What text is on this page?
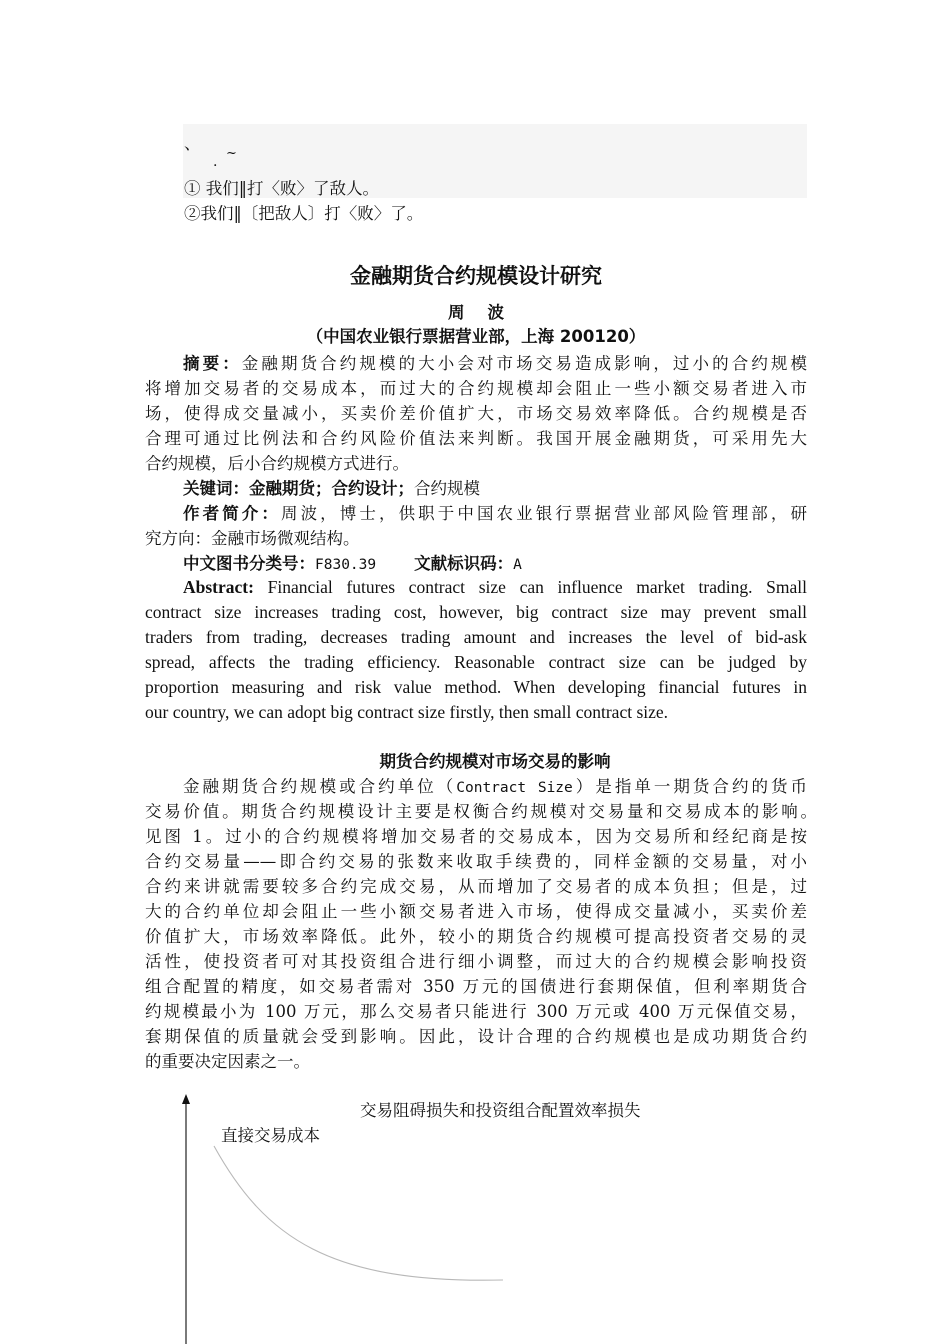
、
~
.
① 我们‖打〈败〉了敌人。
②我们‖〔把敌人〕打〈败〉了。
金融期货合约规模设计研究
周    波
（中国农业银行票据营业部，上海 200120）
摘要：金融期货合约规模的大小会对市场交易造成影响，过小的合约规模
将增加交易者的交易成本，而过大的合约规模却会阻止一些小额交易者进入市
场，使得成交量减小，买卖价差价值扩大，市场交易效率降低。合约规模是否
合理可通过比例法和合约风险价值法来判断。我国开展金融期货，可采用先大
合约规模，后小合约规模方式进行。
关键词：金融期货；合约设计；合约规模
作者简介：周波，博士，供职于中国农业银行票据营业部风险管理部，研
究方向：金融市场微观结构。
中文图书分类号：F830.39 文献标识码：A
Abstract: Financial futures contract size can influence market trading. Small
contract size increases trading cost, however, big contract size may prevent small
traders from trading, decreases trading amount and increases the level of bid-ask
spread, affects the trading efficiency. Reasonable contract size can be judged by
proportion measuring and risk value method. When developing financial futures in
our country, we can adopt big contract size firstly, then small contract size.
期货合约规模对市场交易的影响
金融期货合约规模或合约单位（Contract Size）是指单一期货合约的货币
交易价值。期货合约规模设计主要是权衡合约规模对交易量和交易成本的影响。
见图 1。过小的合约规模将增加交易者的交易成本，因为交易所和经纪商是按
合约交易量——即合约交易的张数来收取手续费的，同样金额的交易量，对小
合约来讲就需要较多合约完成交易，从而增加了交易者的成本负担；但是，过
大的合约单位却会阻止一些小额交易者进入市场，使得成交量减小，买卖价差
价值扩大，市场效率降低。此外，较小的期货合约规模可提高投资者交易的灵
活性，使投资者可对其投资组合进行细小调整，而过大的合约规模会影响投资
组合配置的精度，如交易者需对 350 万元的国债进行套期保值，但利率期货合
约规模最小为 100 万元，那么交易者只能进行 300 万元或 400 万元保值交易，
套期保值的质量就会受到影响。因此，设计合理的合约规模也是成功期货合约
的重要决定因素之一。
交易阻碍损失和投资组合配置效率损失
直接交易成本
